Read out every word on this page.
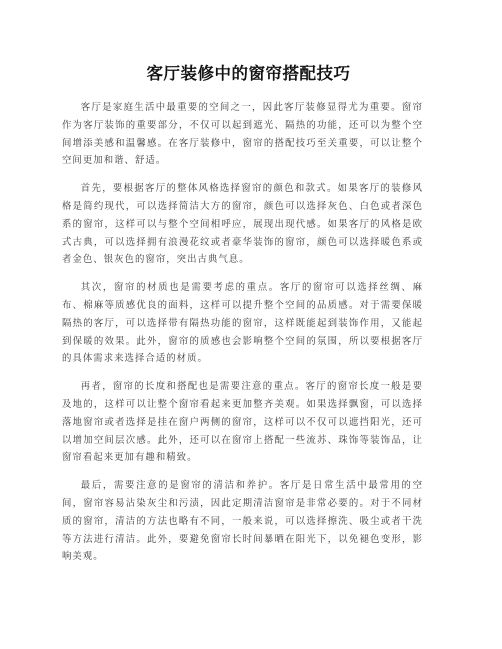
客厅装修中的窗帘搭配技巧

客厅是家庭生活中最重要的空间之一，因此客厅装修显得尤为重要。窗帘作为客厅装饰的重要部分，不仅可以起到遮光、隔热的功能，还可以为整个空间增添美感和温馨感。在客厅装修中，窗帘的搭配技巧至关重要，可以让整个空间更加和谐、舒适。

首先，要根据客厅的整体风格选择窗帘的颜色和款式。如果客厅的装修风格是简约现代，可以选择简洁大方的窗帘，颜色可以选择灰色、白色或者深色系的窗帘，这样可以与整个空间相呼应，展现出现代感。如果客厅的风格是欧式古典，可以选择拥有浪漫花纹或者豪华装饰的窗帘，颜色可以选择暖色系或者金色、银灰色的窗帘，突出古典气息。

其次，窗帘的材质也是需要考虑的重点。客厅的窗帘可以选择丝绸、麻布、棉麻等质感优良的面料，这样可以提升整个空间的品质感。对于需要保暖隔热的客厅，可以选择带有隔热功能的窗帘，这样既能起到装饰作用，又能起到保暖的效果。此外，窗帘的质感也会影响整个空间的氛围，所以要根据客厅的具体需求来选择合适的材质。

再者，窗帘的长度和搭配也是需要注意的重点。客厅的窗帘长度一般是要及地的，这样可以让整个窗帘看起来更加整齐美观。如果选择飘窗，可以选择落地窗帘或者选择是挂在窗户两侧的窗帘，这样可以不仅可以遮挡阳光，还可以增加空间层次感。此外，还可以在窗帘上搭配一些流苏、珠饰等装饰品，让窗帘看起来更加有趣和精致。

最后，需要注意的是窗帘的清洁和养护。客厅是日常生活中最常用的空间，窗帘容易沾染灰尘和污渍，因此定期清洁窗帘是非常必要的。对于不同材质的窗帘，清洁的方法也略有不同，一般来说，可以选择擦洗、吸尘或者干洗等方法进行清洁。此外，要避免窗帘长时间暴晒在阳光下，以免褪色变形，影响美观。
